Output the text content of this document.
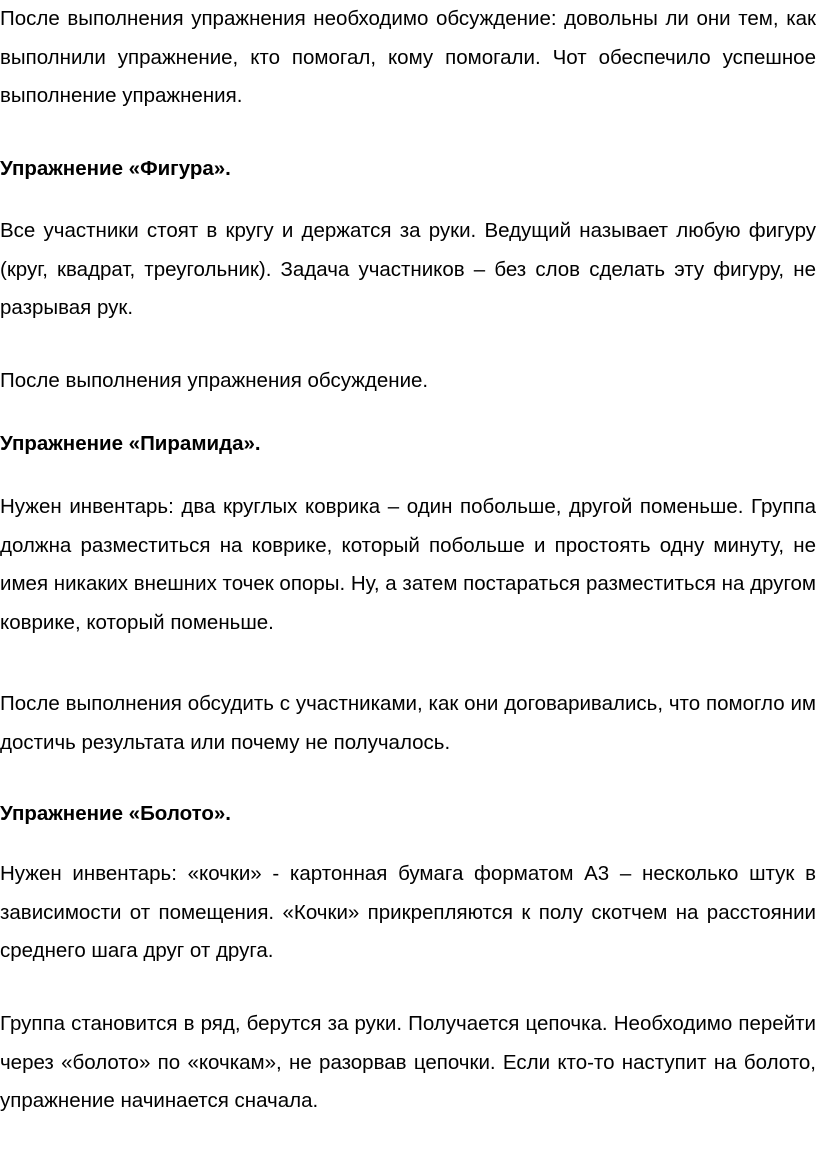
После выполнения упражнения необходимо обсуждение: довольны ли они тем, как выполнили упражнение, кто помогал, кому помогали. Чот обеспечило успешное выполнение упражнения.

Упражнение «Фигура».

Все участники стоят в кругу и держатся за руки. Ведущий называет любую фигуру (круг, квадрат, треугольник). Задача участников – без слов сделать эту фигуру, не разрывая рук.

После выполнения упражнения обсуждение.

Упражнение «Пирамида».

Нужен инвентарь: два круглых коврика – один побольше, другой поменьше. Группа должна разместиться на коврике, который побольше и простоять одну минуту, не имея никаких внешних точек опоры. Ну, а затем постараться разместиться на другом коврике, который поменьше.

После выполнения обсудить с участниками, как они договаривались, что помогло им достичь результата или почему не получалось.

Упражнение «Болото».

Нужен инвентарь: «кочки» - картонная бумага форматом А3 – несколько штук в зависимости от помещения. «Кочки» прикрепляются к полу скотчем на расстоянии среднего шага друг от друга.

Группа становится в ряд, берутся за руки. Получается цепочка. Необходимо перейти через «болото» по «кочкам», не разорвав цепочки. Если кто-то наступит на болото, упражнение начинается сначала.
